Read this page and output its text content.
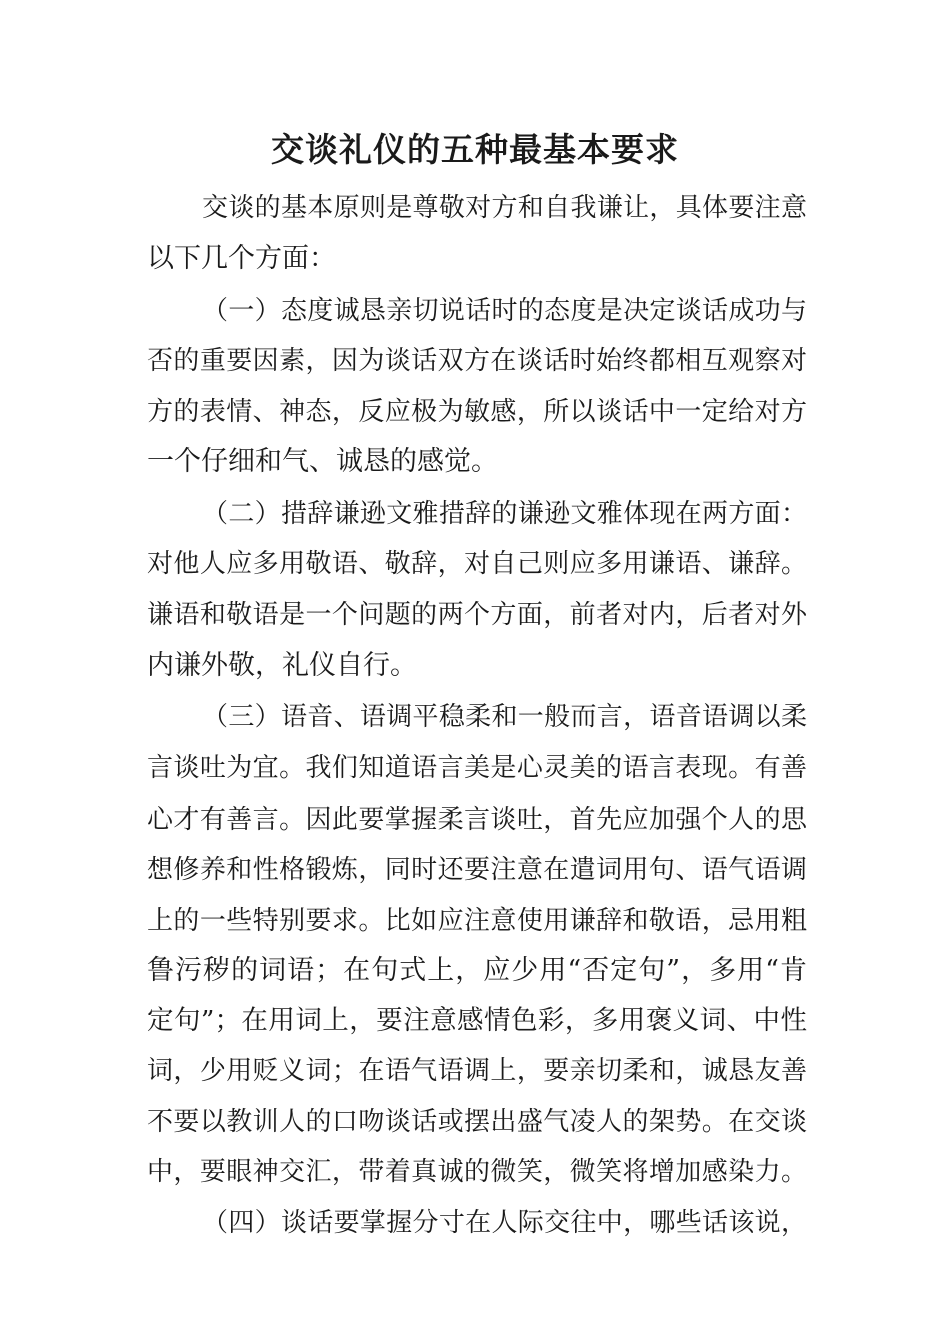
交谈礼仪的五种最基本要求

交谈的基本原则是尊敬对方和自我谦让，具体要注意

以下几个方面：

（一）态度诚恳亲切说话时的态度是决定谈话成功与

否的重要因素，因为谈话双方在谈话时始终都相互观察对

方的表情、神态，反应极为敏感，所以谈话中一定给对方

一个仔细和气、诚恳的感觉。

（二）措辞谦逊文雅措辞的谦逊文雅体现在两方面：

对他人应多用敬语、敬辞，对自己则应多用谦语、谦辞。

谦语和敬语是一个问题的两个方面，前者对内，后者对外

内谦外敬，礼仪自行。

（三）语音、语调平稳柔和一般而言，语音语调以柔

言谈吐为宜。我们知道语言美是心灵美的语言表现。有善

心才有善言。因此要掌握柔言谈吐，首先应加强个人的思

想修养和性格锻炼，同时还要注意在遣词用句、语气语调

上的一些特别要求。比如应注意使用谦辞和敬语，忌用粗

鲁污秽的词语；在句式上，应少用“否定句”，多用“肯

定句”；在用词上，要注意感情色彩，多用褒义词、中性

词，少用贬义词；在语气语调上，要亲切柔和，诚恳友善

不要以教训人的口吻谈话或摆出盛气凌人的架势。在交谈

中，要眼神交汇，带着真诚的微笑，微笑将增加感染力。

（四）谈话要掌握分寸在人际交往中，哪些话该说，
